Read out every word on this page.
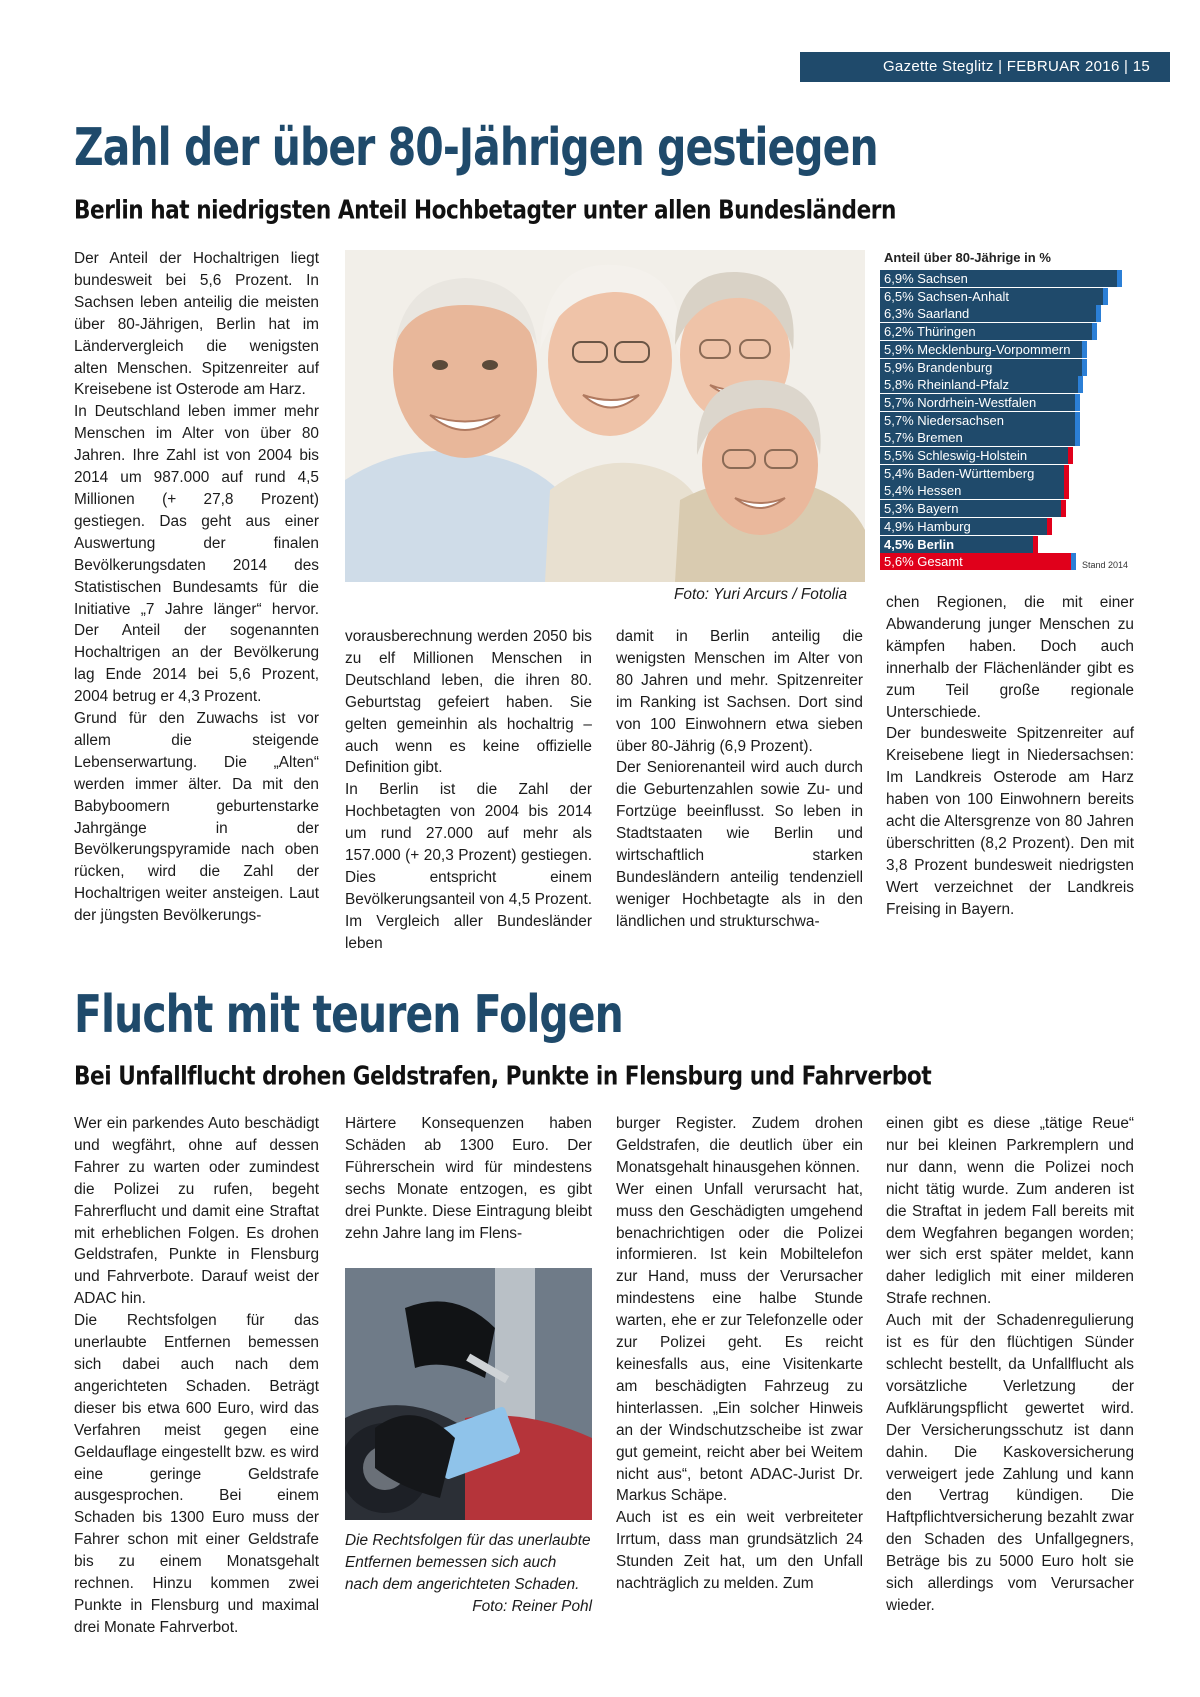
Gazette Steglitz | FEBRUAR 2016 | 15
Zahl der über 80-Jährigen gestiegen
Berlin hat niedrigsten Anteil Hochbetagter unter allen Bundesländern

Der Anteil der Hochaltrigen liegt bundesweit bei 5,6 Prozent. In Sachsen leben anteilig die meisten über 80-Jährigen, Berlin hat im Ländervergleich die wenigsten alten Menschen. Spitzenreiter auf Kreisebene ist Osterode am Harz.

In Deutschland leben immer mehr Menschen im Alter von über 80 Jahren. Ihre Zahl ist von 2004 bis 2014 um 987.000 auf rund 4,5 Millionen (+ 27,8 Prozent) gestiegen. Das geht aus einer Auswertung der finalen Bevölkerungsdaten 2014 des Statistischen Bundesamts für die Initiative „7 Jahre länger“ hervor. Der Anteil der sogenannten Hochaltrigen an der Bevölkerung lag Ende 2014 bei 5,6 Prozent, 2004 betrug er 4,3 Prozent.

Grund für den Zuwachs ist vor allem die steigende Lebenserwartung. Die „Alten“ werden immer älter. Da mit den Babyboomern geburtenstarke Jahrgänge in der Bevölkerungspyramide nach oben rücken, wird die Zahl der Hochaltrigen weiter ansteigen. Laut der jüngsten Bevölkerungs-

Anteil über 80-Jährige in %
6,9% Sachsen
6,5% Sachsen-Anhalt
6,3% Saarland
6,2% Thüringen
5,9% Mecklenburg-Vorpommern
5,9% Brandenburg
5,8% Rheinland-Pfalz
5,7% Nordrhein-Westfalen
5,7% Niedersachsen
5,7% Bremen
5,5% Schleswig-Holstein
5,4% Baden-Württemberg
5,4% Hessen
5,3% Bayern
4,9% Hamburg
4,5% Berlin
5,6% Gesamt	Stand 2014
Foto: Yuri Arcurs / Fotolia

vorausberechnung werden 2050 bis zu elf Millionen Menschen in Deutschland leben, die ihren 80. Geburtstag gefeiert haben. Sie gelten gemeinhin als hochaltrig – auch wenn es keine offizielle Definition gibt.

In Berlin ist die Zahl der Hochbetagten von 2004 bis 2014 um rund 27.000 auf mehr als 157.000 (+ 20,3 Prozent) gestiegen. Dies entspricht einem Bevölkerungsanteil von 4,5 Prozent. Im Vergleich aller Bundesländer leben

damit in Berlin anteilig die wenigsten Menschen im Alter von 80 Jahren und mehr. Spitzenreiter im Ranking ist Sachsen. Dort sind von 100 Einwohnern etwa sieben über 80-Jährig (6,9 Prozent).

Der Seniorenanteil wird auch durch die Geburtenzahlen sowie Zu- und Fortzüge beeinflusst. So leben in Stadtstaaten wie Berlin und wirtschaftlich starken Bundesländern anteilig tendenziell weniger Hochbetagte als in den ländlichen und strukturschwa-

chen Regionen, die mit einer Abwanderung junger Menschen zu kämpfen haben. Doch auch innerhalb der Flächenländer gibt es zum Teil große regionale Unterschiede.

Der bundesweite Spitzenreiter auf Kreisebene liegt in Niedersachsen: Im Landkreis Osterode am Harz haben von 100 Einwohnern bereits acht die Altersgrenze von 80 Jahren überschritten (8,2 Prozent). Den mit 3,8 Prozent bundesweit niedrigsten Wert verzeichnet der Landkreis Freising in Bayern.

Flucht mit teuren Folgen
Bei Unfallflucht drohen Geldstrafen, Punkte in Flensburg und Fahrverbot

Wer ein parkendes Auto beschädigt und wegfährt, ohne auf dessen Fahrer zu warten oder zumindest die Polizei zu rufen, begeht Fahrerflucht und damit eine Straftat mit erheblichen Folgen. Es drohen Geldstrafen, Punkte in Flensburg und Fahrverbote. Darauf weist der ADAC hin.

Die Rechtsfolgen für das unerlaubte Entfernen bemessen sich dabei auch nach dem angerichteten Schaden. Beträgt dieser bis etwa 600 Euro, wird das Verfahren meist gegen eine Geldauflage eingestellt bzw. es wird eine geringe Geldstrafe ausgesprochen. Bei einem Schaden bis 1300 Euro muss der Fahrer schon mit einer Geldstrafe bis zu einem Monatsgehalt rechnen. Hinzu kommen zwei Punkte in Flensburg und maximal drei Monate Fahrverbot.

Härtere Konsequenzen haben Schäden ab 1300 Euro. Der Führerschein wird für mindestens sechs Monate entzogen, es gibt drei Punkte. Diese Eintragung bleibt zehn Jahre lang im Flens-

Die Rechtsfolgen für das unerlaubte Entfernen bemessen sich auch nach dem angerichteten Schaden.
Foto: Reiner Pohl

burger Register. Zudem drohen Geldstrafen, die deutlich über ein Monatsgehalt hinausgehen können.

Wer einen Unfall verursacht hat, muss den Geschädigten umgehend benachrichtigen oder die Polizei informieren. Ist kein Mobiltelefon zur Hand, muss der Verursacher mindestens eine halbe Stunde warten, ehe er zur Telefonzelle oder zur Polizei geht. Es reicht keinesfalls aus, eine Visitenkarte am beschädigten Fahrzeug zu hinterlassen. „Ein solcher Hinweis an der Windschutzscheibe ist zwar gut gemeint, reicht aber bei Weitem nicht aus“, betont ADAC-Jurist Dr. Markus Schäpe.

Auch ist es ein weit verbreiteter Irrtum, dass man grundsätzlich 24 Stunden Zeit hat, um den Unfall nachträglich zu melden. Zum

einen gibt es diese „tätige Reue“ nur bei kleinen Parkremplern und nur dann, wenn die Polizei noch nicht tätig wurde. Zum anderen ist die Straftat in jedem Fall bereits mit dem Wegfahren begangen worden; wer sich erst später meldet, kann daher lediglich mit einer milderen Strafe rechnen.

Auch mit der Schadenregulierung ist es für den flüchtigen Sünder schlecht bestellt, da Unfallflucht als vorsätzliche Verletzung der Aufklärungspflicht gewertet wird. Der Versicherungsschutz ist dann dahin. Die Kaskoversicherung verweigert jede Zahlung und kann den Vertrag kündigen. Die Haftpflichtversicherung bezahlt zwar den Schaden des Unfallgegners, Beträge bis zu 5000 Euro holt sie sich allerdings vom Verursacher wieder.
